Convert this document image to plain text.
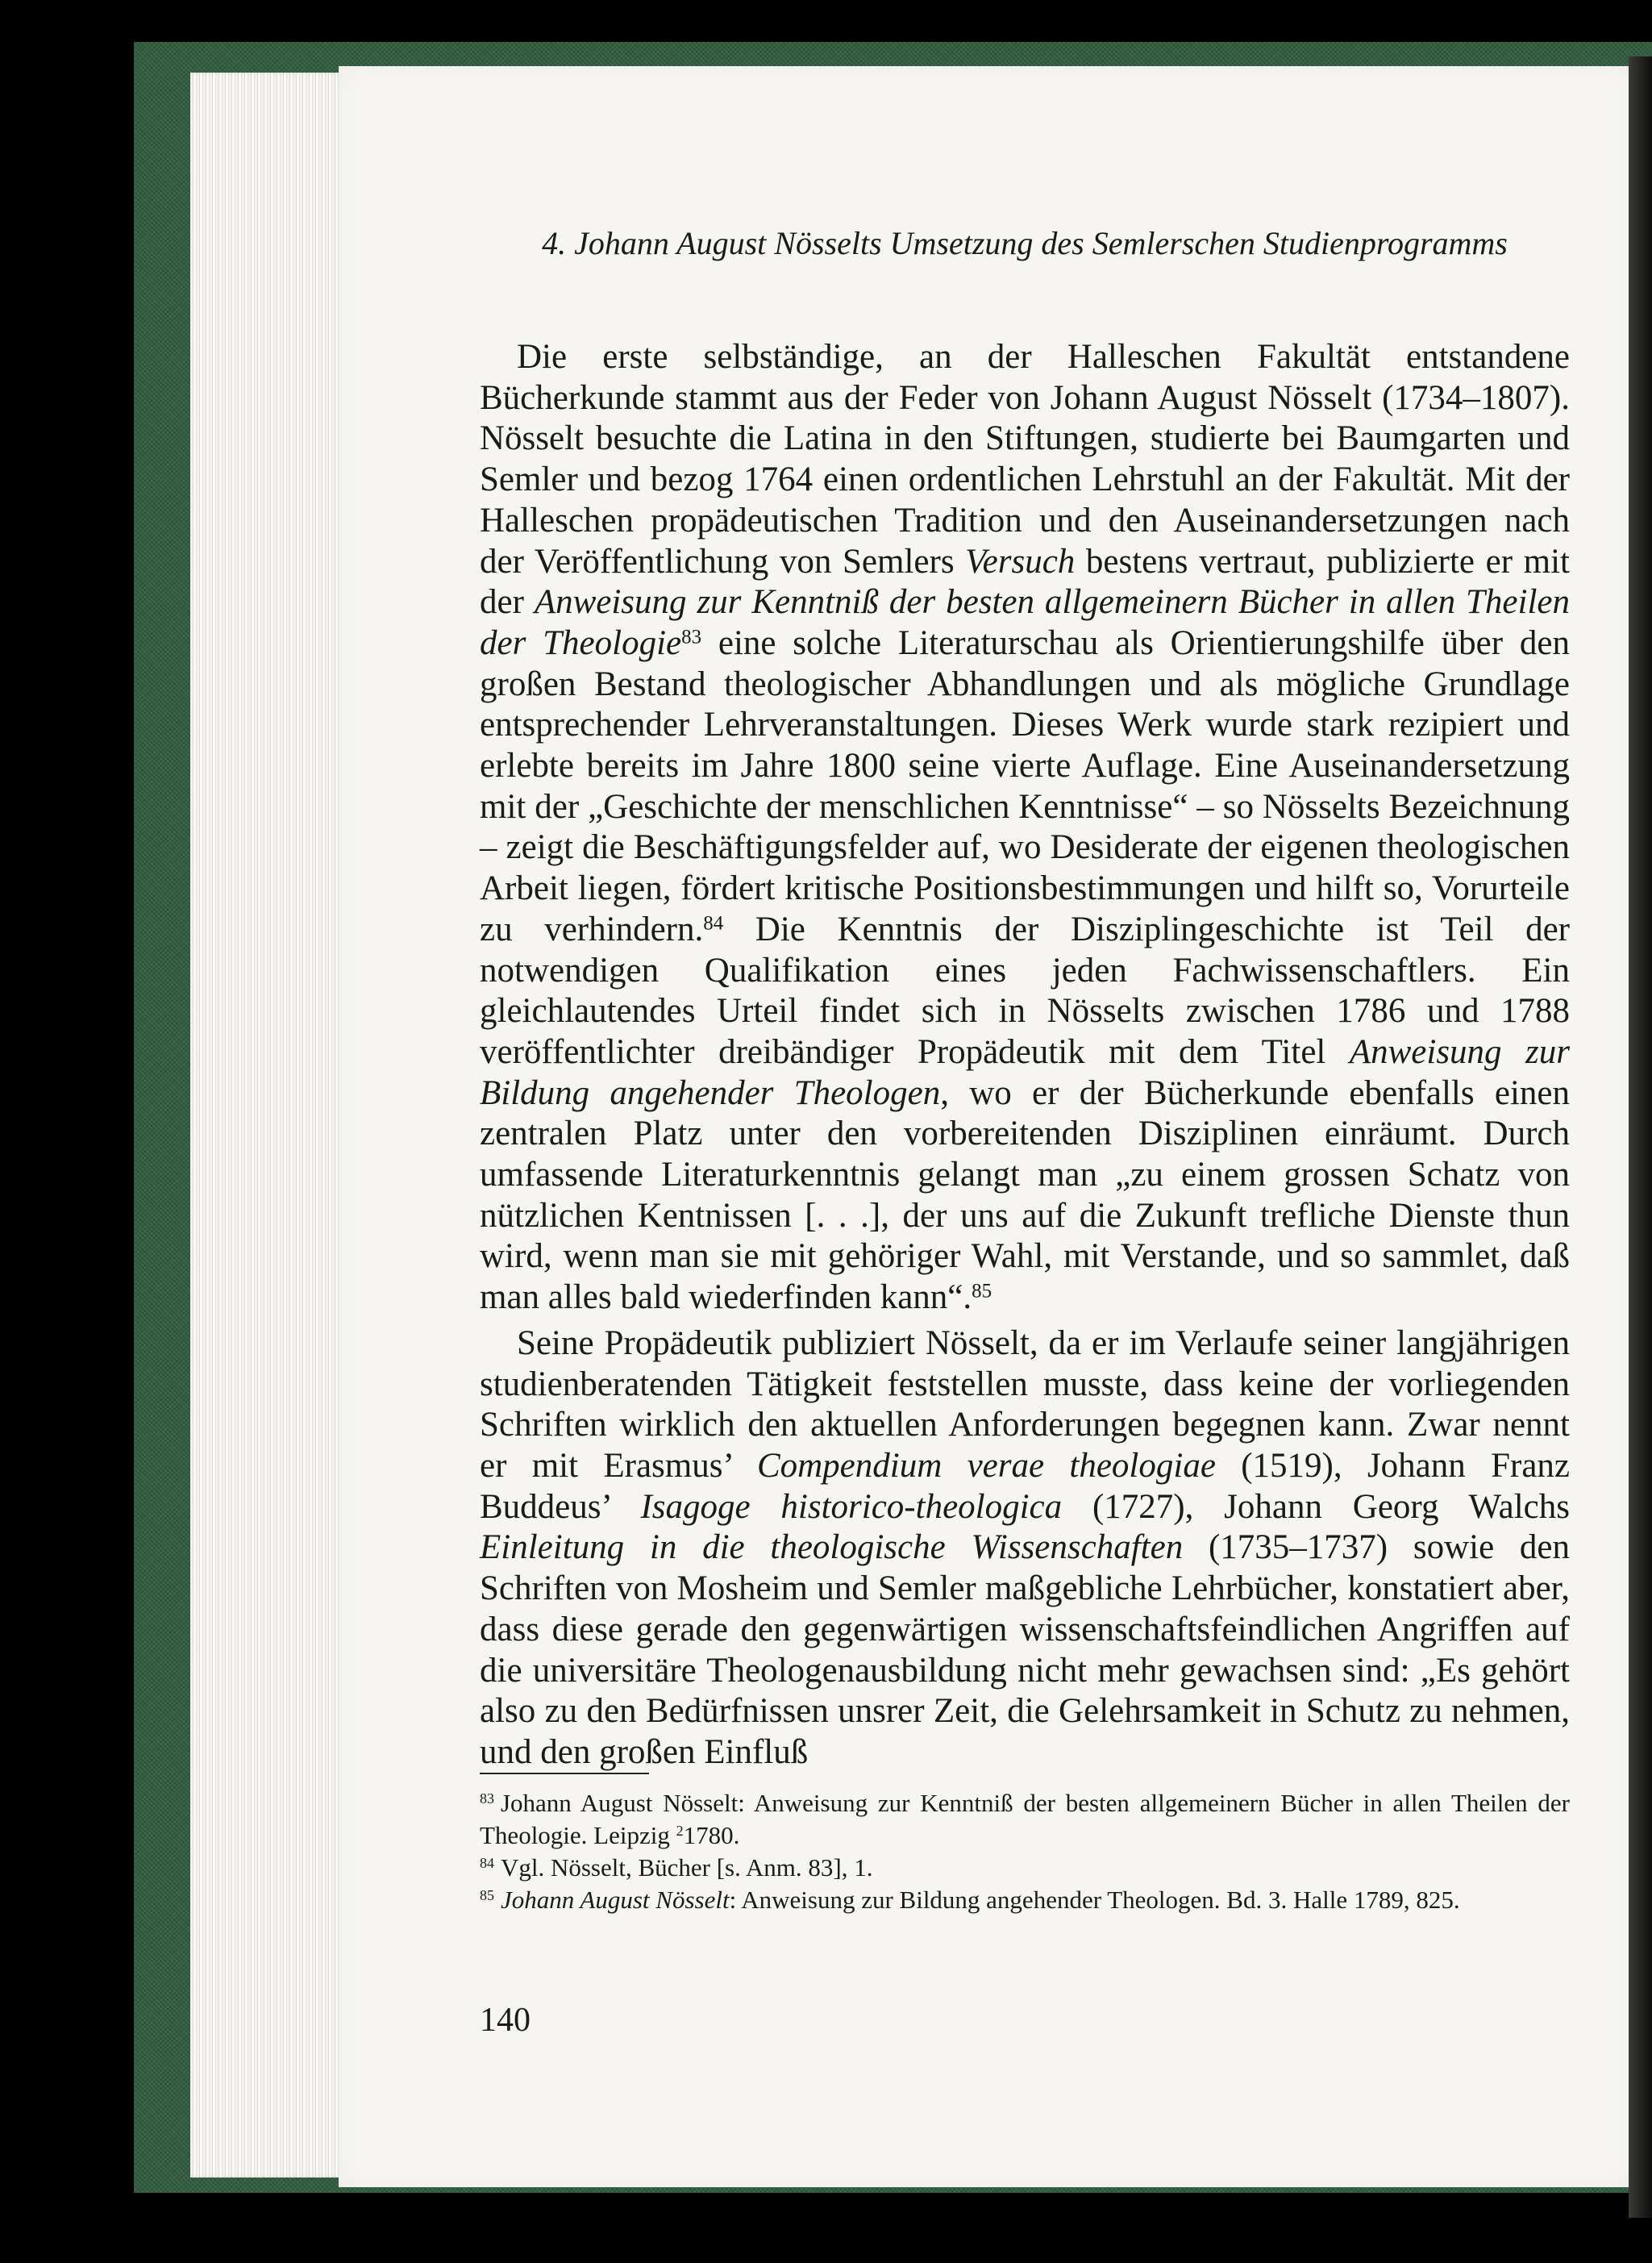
4. Johann August Nösselts Umsetzung des Semlerschen Studienprogramms

Die erste selbständige, an der Halleschen Fakultät entstandene Bücherkunde stammt aus der Feder von Johann August Nösselt (1734–1807). Nösselt besuchte die Latina in den Stiftungen, studierte bei Baumgarten und Semler und bezog 1764 einen ordentlichen Lehrstuhl an der Fakultät. Mit der Halleschen propädeutischen Tradition und den Auseinandersetzungen nach der Veröffentlichung von Semlers Versuch bestens vertraut, publizierte er mit der Anweisung zur Kenntniß der besten allgemeinern Bücher in allen Theilen der Theologie$^{83}$ eine solche Literaturschau als Orientierungshilfe über den großen Bestand theologischer Abhandlungen und als mögliche Grundlage entsprechender Lehrveranstaltungen. Dieses Werk wurde stark rezipiert und erlebte bereits im Jahre 1800 seine vierte Auflage. Eine Auseinandersetzung mit der „Geschichte der menschlichen Kenntnisse“ – so Nösselts Bezeichnung – zeigt die Beschäftigungsfelder auf, wo Desiderate der eigenen theologischen Arbeit liegen, fördert kritische Positionsbestimmungen und hilft so, Vorurteile zu verhindern.$^{84}$ Die Kenntnis der Disziplingeschichte ist Teil der notwendigen Qualifikation eines jeden Fachwissenschaftlers. Ein gleichlautendes Urteil findet sich in Nösselts zwischen 1786 und 1788 veröffentlichter dreibändiger Propädeutik mit dem Titel Anweisung zur Bildung angehender Theologen, wo er der Bücherkunde ebenfalls einen zentralen Platz unter den vorbereitenden Disziplinen einräumt. Durch umfassende Literaturkenntnis gelangt man „zu einem grossen Schatz von nützlichen Kentnissen [. . .], der uns auf die Zukunft trefliche Dienste thun wird, wenn man sie mit gehöriger Wahl, mit Verstande, und so sammlet, daß man alles bald wiederfinden kann“.$^{85}$

Seine Propädeutik publiziert Nösselt, da er im Verlaufe seiner langjährigen studienberatenden Tätigkeit feststellen musste, dass keine der vorliegenden Schriften wirklich den aktuellen Anforderungen begegnen kann. Zwar nennt er mit Erasmus’ Compendium verae theologiae (1519), Johann Franz Buddeus’ Isagoge historico-theologica (1727), Johann Georg Walchs Einleitung in die theologische Wissenschaften (1735–1737) sowie den Schriften von Mosheim und Semler maßgebliche Lehrbücher, konstatiert aber, dass diese gerade den gegenwärtigen wissenschaftsfeindlichen Angriffen auf die universitäre Theologenausbildung nicht mehr gewachsen sind: „Es gehört also zu den Bedürfnissen unsrer Zeit, die Gelehrsamkeit in Schutz zu nehmen, und den großen Einfluß

$^{83}$ Johann August Nösselt: Anweisung zur Kenntniß der besten allgemeinern Bücher in allen Theilen der Theologie. Leipzig $^2$1780.

$^{84}$ Vgl. Nösselt, Bücher [s. Anm. 83], 1.

$^{85}$ Johann August Nösselt: Anweisung zur Bildung angehender Theologen. Bd. 3. Halle 1789, 825.

140
